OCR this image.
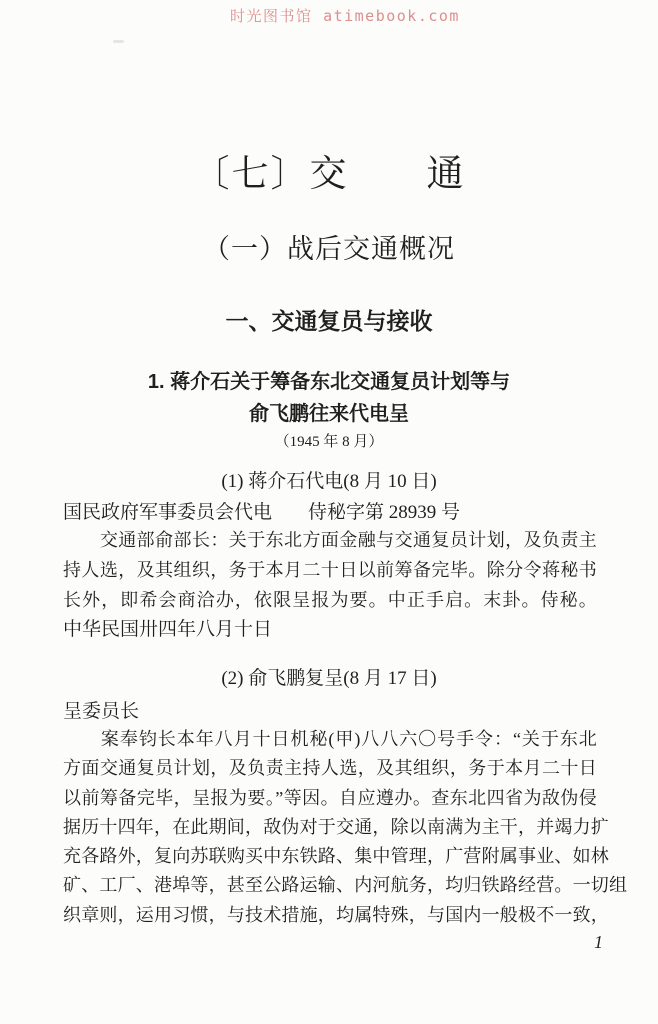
时光图书馆 atimebook.com
〔七〕交　　通
（一）战后交通概况
一、交通复员与接收
1. 蒋介石关于筹备东北交通复员计划等与
俞飞鹏往来代电呈
（1945 年 8 月）
(1) 蒋介石代电(8 月 10 日)
国民政府军事委员会代电 侍秘字第 28939 号
　　交通部俞部长：关于东北方面金融与交通复员计划，及负责主
持人选，及其组织，务于本月二十日以前筹备完毕。除分令蒋秘书
长外，即希会商洽办，依限呈报为要。中正手启。末卦。侍秘。
中华民国卅四年八月十日
(2) 俞飞鹏复呈(8 月 17 日)
呈委员长
　　案奉钧长本年八月十日机秘(甲)八八六〇号手令：“关于东北
方面交通复员计划，及负责主持人选，及其组织，务于本月二十日
以前筹备完毕，呈报为要。”等因。自应遵办。查东北四省为敌伪侵
据历十四年，在此期间，敌伪对于交通，除以南满为主干，并竭力扩
充各路外，复向苏联购买中东铁路、集中管理，广营附属事业、如林
矿、工厂、港埠等，甚至公路运输、内河航务，均归铁路经营。一切组
织章则，运用习惯，与技术措施，均属特殊，与国内一般极不一致，
1
